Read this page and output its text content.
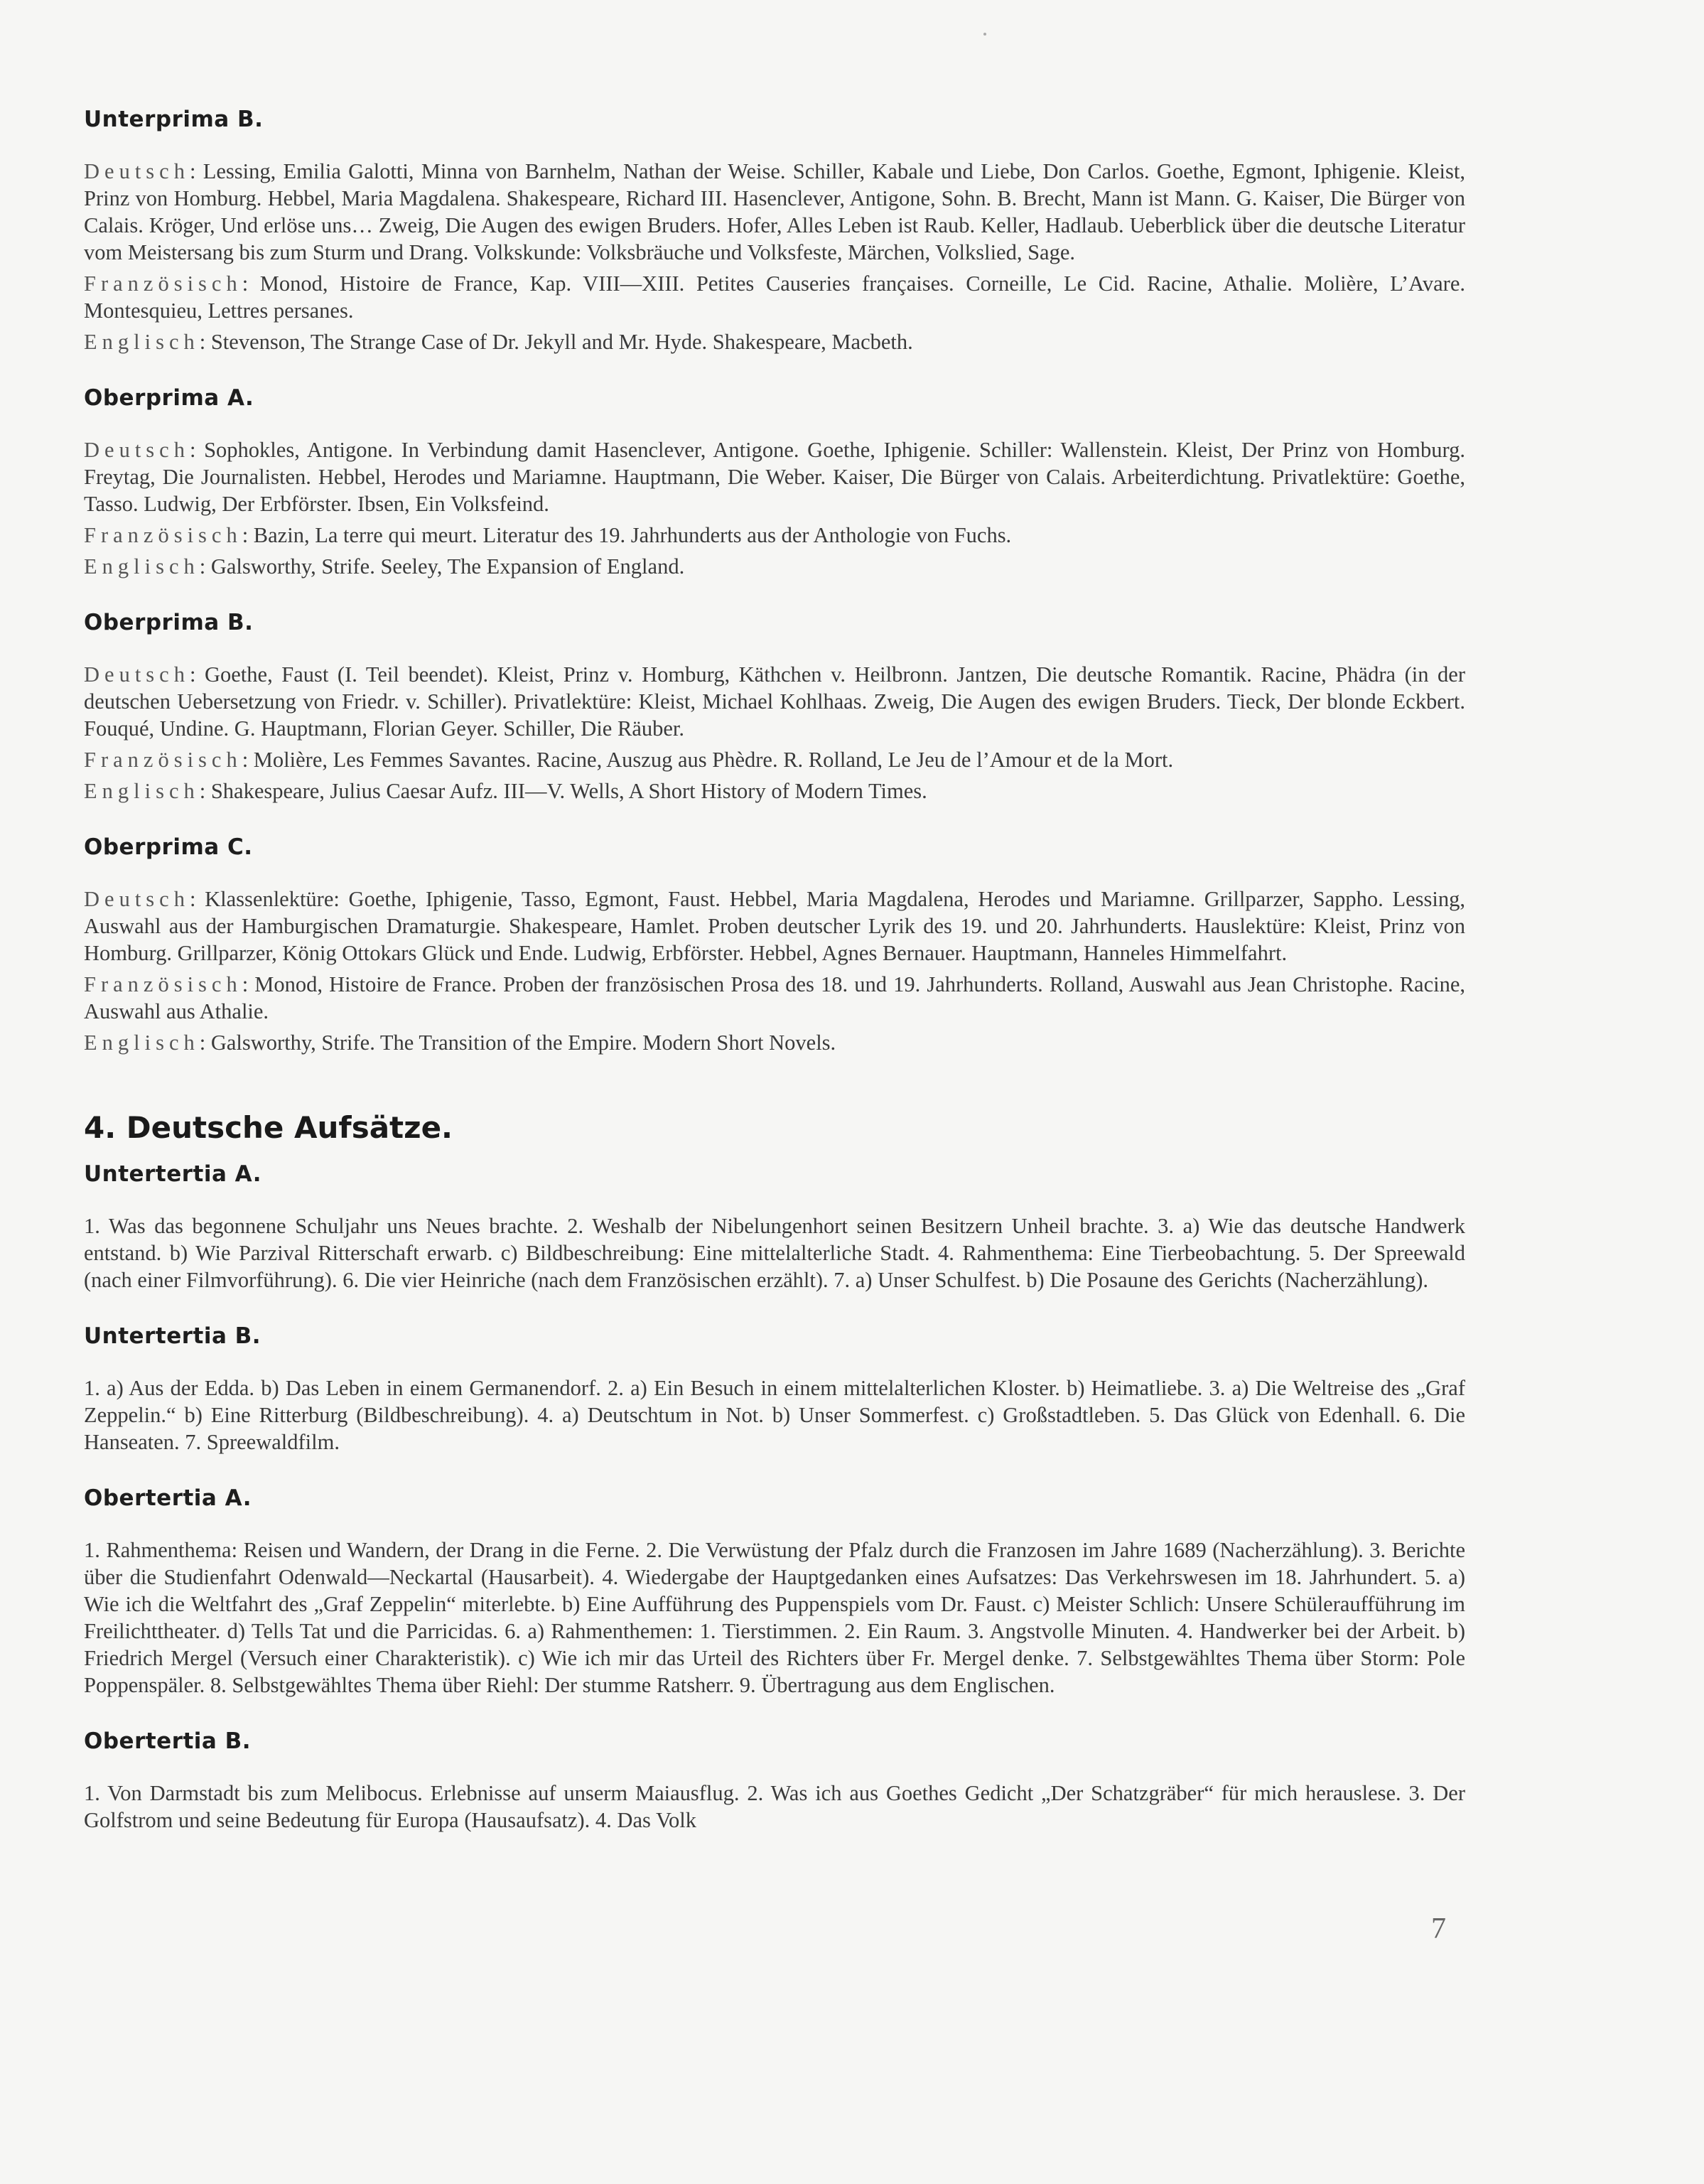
Unterprima B.

Deutsch: Lessing, Emilia Galotti, Minna von Barnhelm, Nathan der Weise. Schiller, Kabale und Liebe, Don Carlos. Goethe, Egmont, Iphigenie. Kleist, Prinz von Homburg. Hebbel, Maria Magdalena. Shakespeare, Richard III. Hasenclever, Antigone, Sohn. B. Brecht, Mann ist Mann. G. Kaiser, Die Bürger von Calais. Kröger, Und erlöse uns… Zweig, Die Augen des ewigen Bruders. Hofer, Alles Leben ist Raub. Keller, Hadlaub. Ueberblick über die deutsche Literatur vom Meistersang bis zum Sturm und Drang. Volkskunde: Volksbräuche und Volksfeste, Märchen, Volkslied, Sage.

Französisch: Monod, Histoire de France, Kap. VIII—XIII. Petites Causeries françaises. Corneille, Le Cid. Racine, Athalie. Molière, L’Avare. Montesquieu, Lettres persanes.

Englisch: Stevenson, The Strange Case of Dr. Jekyll and Mr. Hyde. Shakespeare, Macbeth.

Oberprima A.

Deutsch: Sophokles, Antigone. In Verbindung damit Hasenclever, Antigone. Goethe, Iphigenie. Schiller: Wallenstein. Kleist, Der Prinz von Homburg. Freytag, Die Journalisten. Hebbel, Herodes und Mariamne. Hauptmann, Die Weber. Kaiser, Die Bürger von Calais. Arbeiterdichtung. Privatlektüre: Goethe, Tasso. Ludwig, Der Erbförster. Ibsen, Ein Volksfeind.

Französisch: Bazin, La terre qui meurt. Literatur des 19. Jahrhunderts aus der Anthologie von Fuchs.

Englisch: Galsworthy, Strife. Seeley, The Expansion of England.

Oberprima B.

Deutsch: Goethe, Faust (I. Teil beendet). Kleist, Prinz v. Homburg, Käthchen v. Heilbronn. Jantzen, Die deutsche Romantik. Racine, Phädra (in der deutschen Uebersetzung von Friedr. v. Schiller). Privatlektüre: Kleist, Michael Kohlhaas. Zweig, Die Augen des ewigen Bruders. Tieck, Der blonde Eckbert. Fouqué, Undine. G. Hauptmann, Florian Geyer. Schiller, Die Räuber.

Französisch: Molière, Les Femmes Savantes. Racine, Auszug aus Phèdre. R. Rolland, Le Jeu de l’Amour et de la Mort.

Englisch: Shakespeare, Julius Caesar Aufz. III—V. Wells, A Short History of Modern Times.

Oberprima C.

Deutsch: Klassenlektüre: Goethe, Iphigenie, Tasso, Egmont, Faust. Hebbel, Maria Magdalena, Herodes und Mariamne. Grillparzer, Sappho. Lessing, Auswahl aus der Hamburgischen Dramaturgie. Shakespeare, Hamlet. Proben deutscher Lyrik des 19. und 20. Jahrhunderts. Hauslektüre: Kleist, Prinz von Homburg. Grillparzer, König Ottokars Glück und Ende. Ludwig, Erbförster. Hebbel, Agnes Bernauer. Hauptmann, Hanneles Himmelfahrt.

Französisch: Monod, Histoire de France. Proben der französischen Prosa des 18. und 19. Jahrhunderts. Rolland, Auswahl aus Jean Christophe. Racine, Auswahl aus Athalie.

Englisch: Galsworthy, Strife. The Transition of the Empire. Modern Short Novels.

4. Deutsche Aufsätze.
Untertertia A.

1. Was das begonnene Schuljahr uns Neues brachte. 2. Weshalb der Nibelungenhort seinen Besitzern Unheil brachte. 3. a) Wie das deutsche Handwerk entstand. b) Wie Parzival Ritterschaft erwarb. c) Bildbeschreibung: Eine mittelalterliche Stadt. 4. Rahmenthema: Eine Tierbeobachtung. 5. Der Spreewald (nach einer Filmvorführung). 6. Die vier Heinriche (nach dem Französischen erzählt). 7. a) Unser Schulfest. b) Die Posaune des Gerichts (Nacherzählung).

Untertertia B.

1. a) Aus der Edda. b) Das Leben in einem Germanendorf. 2. a) Ein Besuch in einem mittelalterlichen Kloster. b) Heimatliebe. 3. a) Die Weltreise des „Graf Zeppelin.“ b) Eine Ritterburg (Bildbeschreibung). 4. a) Deutschtum in Not. b) Unser Sommerfest. c) Großstadtleben. 5. Das Glück von Edenhall. 6. Die Hanseaten. 7. Spreewaldfilm.

Obertertia A.

1. Rahmenthema: Reisen und Wandern, der Drang in die Ferne. 2. Die Verwüstung der Pfalz durch die Franzosen im Jahre 1689 (Nacherzählung). 3. Berichte über die Studienfahrt Odenwald—Neckartal (Hausarbeit). 4. Wiedergabe der Hauptgedanken eines Aufsatzes: Das Verkehrswesen im 18. Jahrhundert. 5. a) Wie ich die Weltfahrt des „Graf Zeppelin“ miterlebte. b) Eine Aufführung des Puppenspiels vom Dr. Faust. c) Meister Schlich: Unsere Schüleraufführung im Freilichttheater. d) Tells Tat und die Parricidas. 6. a) Rahmenthemen: 1. Tierstimmen. 2. Ein Raum. 3. Angstvolle Minuten. 4. Handwerker bei der Arbeit. b) Friedrich Mergel (Versuch einer Charakteristik). c) Wie ich mir das Urteil des Richters über Fr. Mergel denke. 7. Selbstgewähltes Thema über Storm: Pole Poppenspäler. 8. Selbstgewähltes Thema über Riehl: Der stumme Ratsherr. 9. Übertragung aus dem Englischen.

Obertertia B.

1. Von Darmstadt bis zum Melibocus. Erlebnisse auf unserm Maiausflug. 2. Was ich aus Goethes Gedicht „Der Schatzgräber“ für mich herauslese. 3. Der Golfstrom und seine Bedeutung für Europa (Hausaufsatz). 4. Das Volk

7
